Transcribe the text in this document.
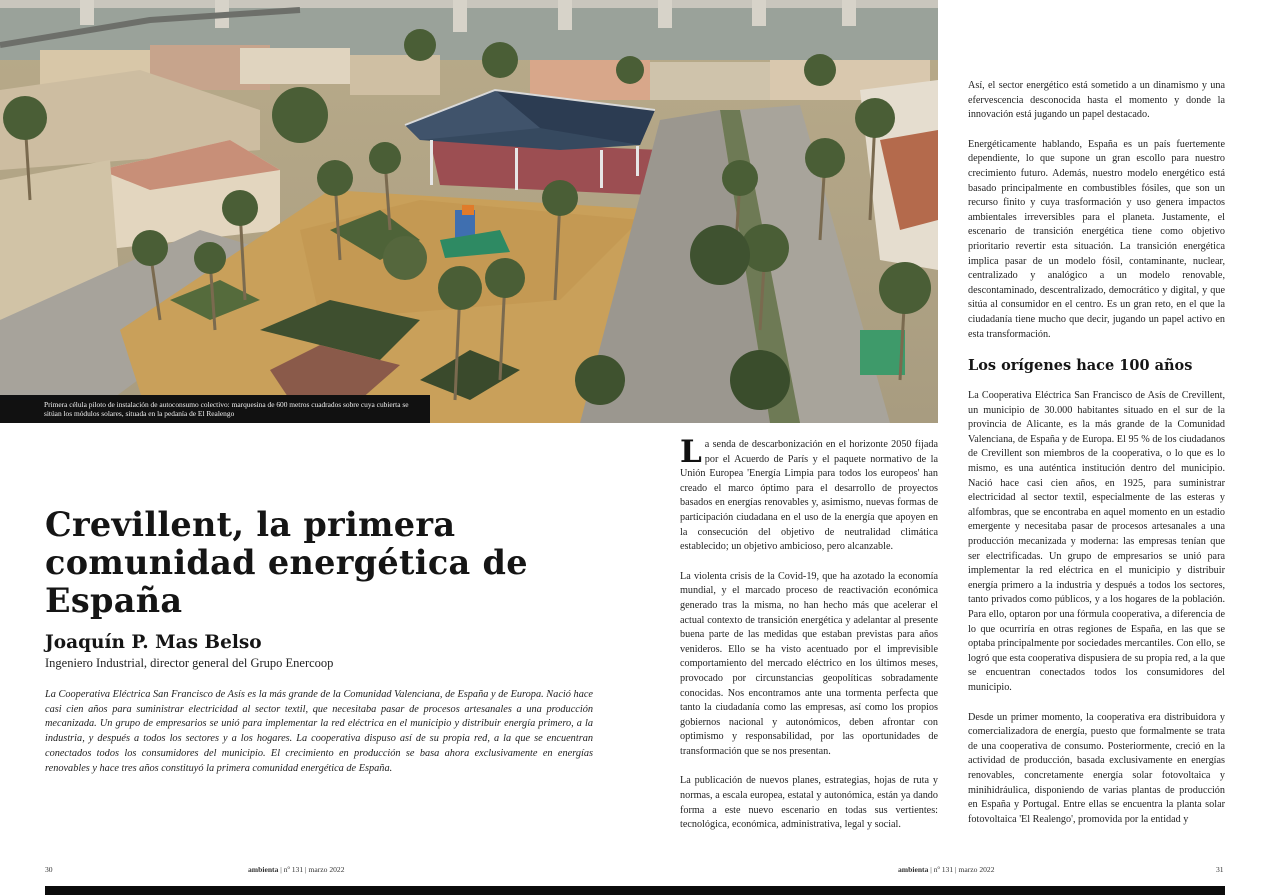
Primera célula piloto de instalación de autoconsumo colectivo: marquesina de 600 metros cuadrados sobre cuya cubierta se sitúan los módulos solares, situada en la pedanía de El Realengo
Crevillent, la primera comunidad energética de España
Joaquín P. Mas Belso
Ingeniero Industrial, director general del Grupo Enercoop

La Cooperativa Eléctrica San Francisco de Asís es la más grande de la Comunidad Valenciana, de España y de Europa. Nació hace casi cien años para suministrar electricidad al sector textil, que necesitaba pasar de procesos artesanales a una producción mecanizada. Un grupo de empresarios se unió para implementar la red eléctrica en el municipio y distribuir energía primero, a la industria, y después a todos los sectores y a los hogares. La cooperativa dispuso así de su propia red, a la que se encuentran conectados todos los consumidores del municipio. El crecimiento en producción se basa ahora exclusivamente en energías renovables y hace tres años constituyó la primera comunidad energética de España.

La senda de descarbonización en el horizonte 2050 fijada por el Acuerdo de París y el paquete normativo de la Unión Europea 'Energía Limpia para todos los europeos' han creado el marco óptimo para el desarrollo de proyectos basados en energías renovables y, asimismo, nuevas formas de participación ciudadana en el uso de la energía que apoyen en la consecución del objetivo de neutralidad climática establecido; un objetivo ambicioso, pero alcanzable.

La violenta crisis de la Covid-19, que ha azotado la economía mundial, y el marcado proceso de reactivación económica generado tras la misma, no han hecho más que acelerar el actual contexto de transición energética y adelantar al presente buena parte de las medidas que estaban previstas para años venideros. Ello se ha visto acentuado por el imprevisible comportamiento del mercado eléctrico en los últimos meses, provocado por circunstancias geopolíticas sobradamente conocidas. Nos encontramos ante una tormenta perfecta que tanto la ciudadanía como las empresas, así como los propios gobiernos nacional y autonómicos, deben afrontar con optimismo y responsabilidad, por las oportunidades de transformación que se nos presentan.

La publicación de nuevos planes, estrategias, hojas de ruta y normas, a escala europea, estatal y autonómica, están ya dando forma a este nuevo escenario en todas sus vertientes: tecnológica, económica, administrativa, legal y social.

Así, el sector energético está sometido a un dinamismo y una efervescencia desconocida hasta el momento y donde la innovación está jugando un papel destacado.

Energéticamente hablando, España es un país fuertemente dependiente, lo que supone un gran escollo para nuestro crecimiento futuro. Además, nuestro modelo energético está basado principalmente en combustibles fósiles, que son un recurso finito y cuya trasformación y uso genera impactos ambientales irreversibles para el planeta. Justamente, el escenario de transición energética tiene como objetivo prioritario revertir esta situación. La transición energética implica pasar de un modelo fósil, contaminante, nuclear, centralizado y analógico a un modelo renovable, descontaminado, descentralizado, democrático y digital, y que sitúa al consumidor en el centro. Es un gran reto, en el que la ciudadanía tiene mucho que decir, jugando un papel activo en esta transformación.

Los orígenes hace 100 años

La Cooperativa Eléctrica San Francisco de Asís de Crevillent, un municipio de 30.000 habitantes situado en el sur de la provincia de Alicante, es la más grande de la Comunidad Valenciana, de España y de Europa. El 95 % de los ciudadanos de Crevillent son miembros de la cooperativa, o lo que es lo mismo, es una auténtica institución dentro del municipio. Nació hace casi cien años, en 1925, para suministrar electricidad al sector textil, especialmente de las esteras y alfombras, que se encontraba en aquel momento en un estadio emergente y necesitaba pasar de procesos artesanales a una producción mecanizada y moderna: las empresas tenían que ser electrificadas. Un grupo de empresarios se unió para implementar la red eléctrica en el municipio y distribuir energía primero a la industria y después a todos los sectores, tanto privados como públicos, y a los hogares de la población. Para ello, optaron por una fórmula cooperativa, a diferencia de lo que ocurriría en otras regiones de España, en las que se optaba principalmente por sociedades mercantiles. Con ello, se logró que esta cooperativa dispusiera de su propia red, a la que se encuentran conectados todos los consumidores del municipio.

Desde un primer momento, la cooperativa era distribuidora y comercializadora de energía, puesto que formalmente se trata de una cooperativa de consumo. Posteriormente, creció en la actividad de producción, basada exclusivamente en energías renovables, concretamente energía solar fotovoltaica y minihidráulica, disponiendo de varias plantas de producción en España y Portugal. Entre ellas se encuentra la planta solar fotovoltaica 'El Realengo', promovida por la entidad y

30	ambienta | nº 131 | marzo 2022	ambienta | nº 131 | marzo 2022	31
